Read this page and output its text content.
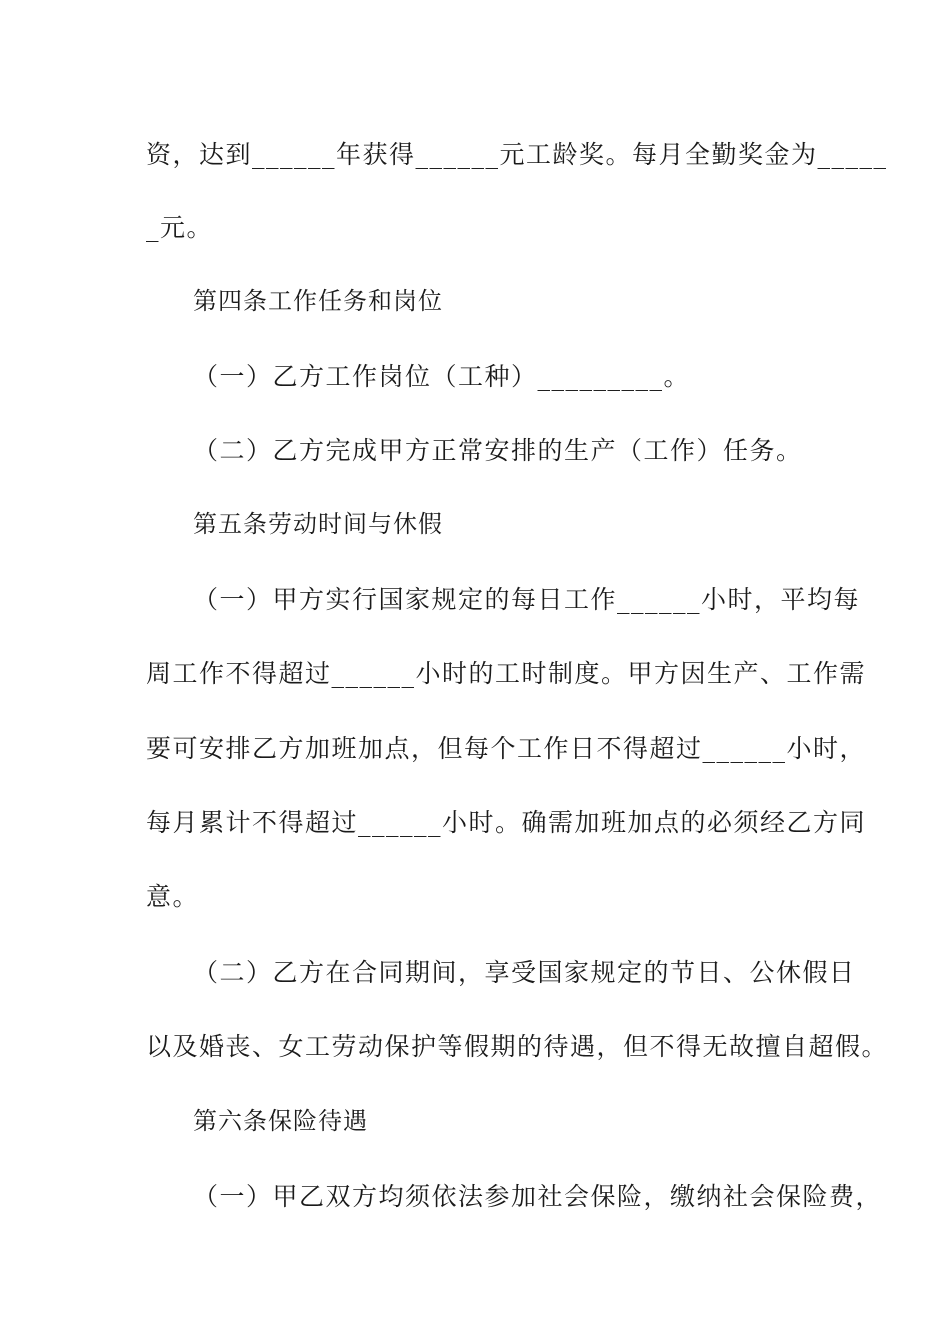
资，达到______年获得______元工龄奖。每月全勤奖金为_____
_元。
第四条工作任务和岗位
（一）乙方工作岗位（工种）_________。
（二）乙方完成甲方正常安排的生产（工作）任务。
第五条劳动时间与休假
（一）甲方实行国家规定的每日工作______小时，平均每
周工作不得超过______小时的工时制度。甲方因生产、工作需
要可安排乙方加班加点，但每个工作日不得超过______小时，
每月累计不得超过______小时。确需加班加点的必须经乙方同
意。
（二）乙方在合同期间，享受国家规定的节日、公休假日
以及婚丧、女工劳动保护等假期的待遇，但不得无故擅自超假。
第六条保险待遇
（一）甲乙双方均须依法参加社会保险，缴纳社会保险费，
